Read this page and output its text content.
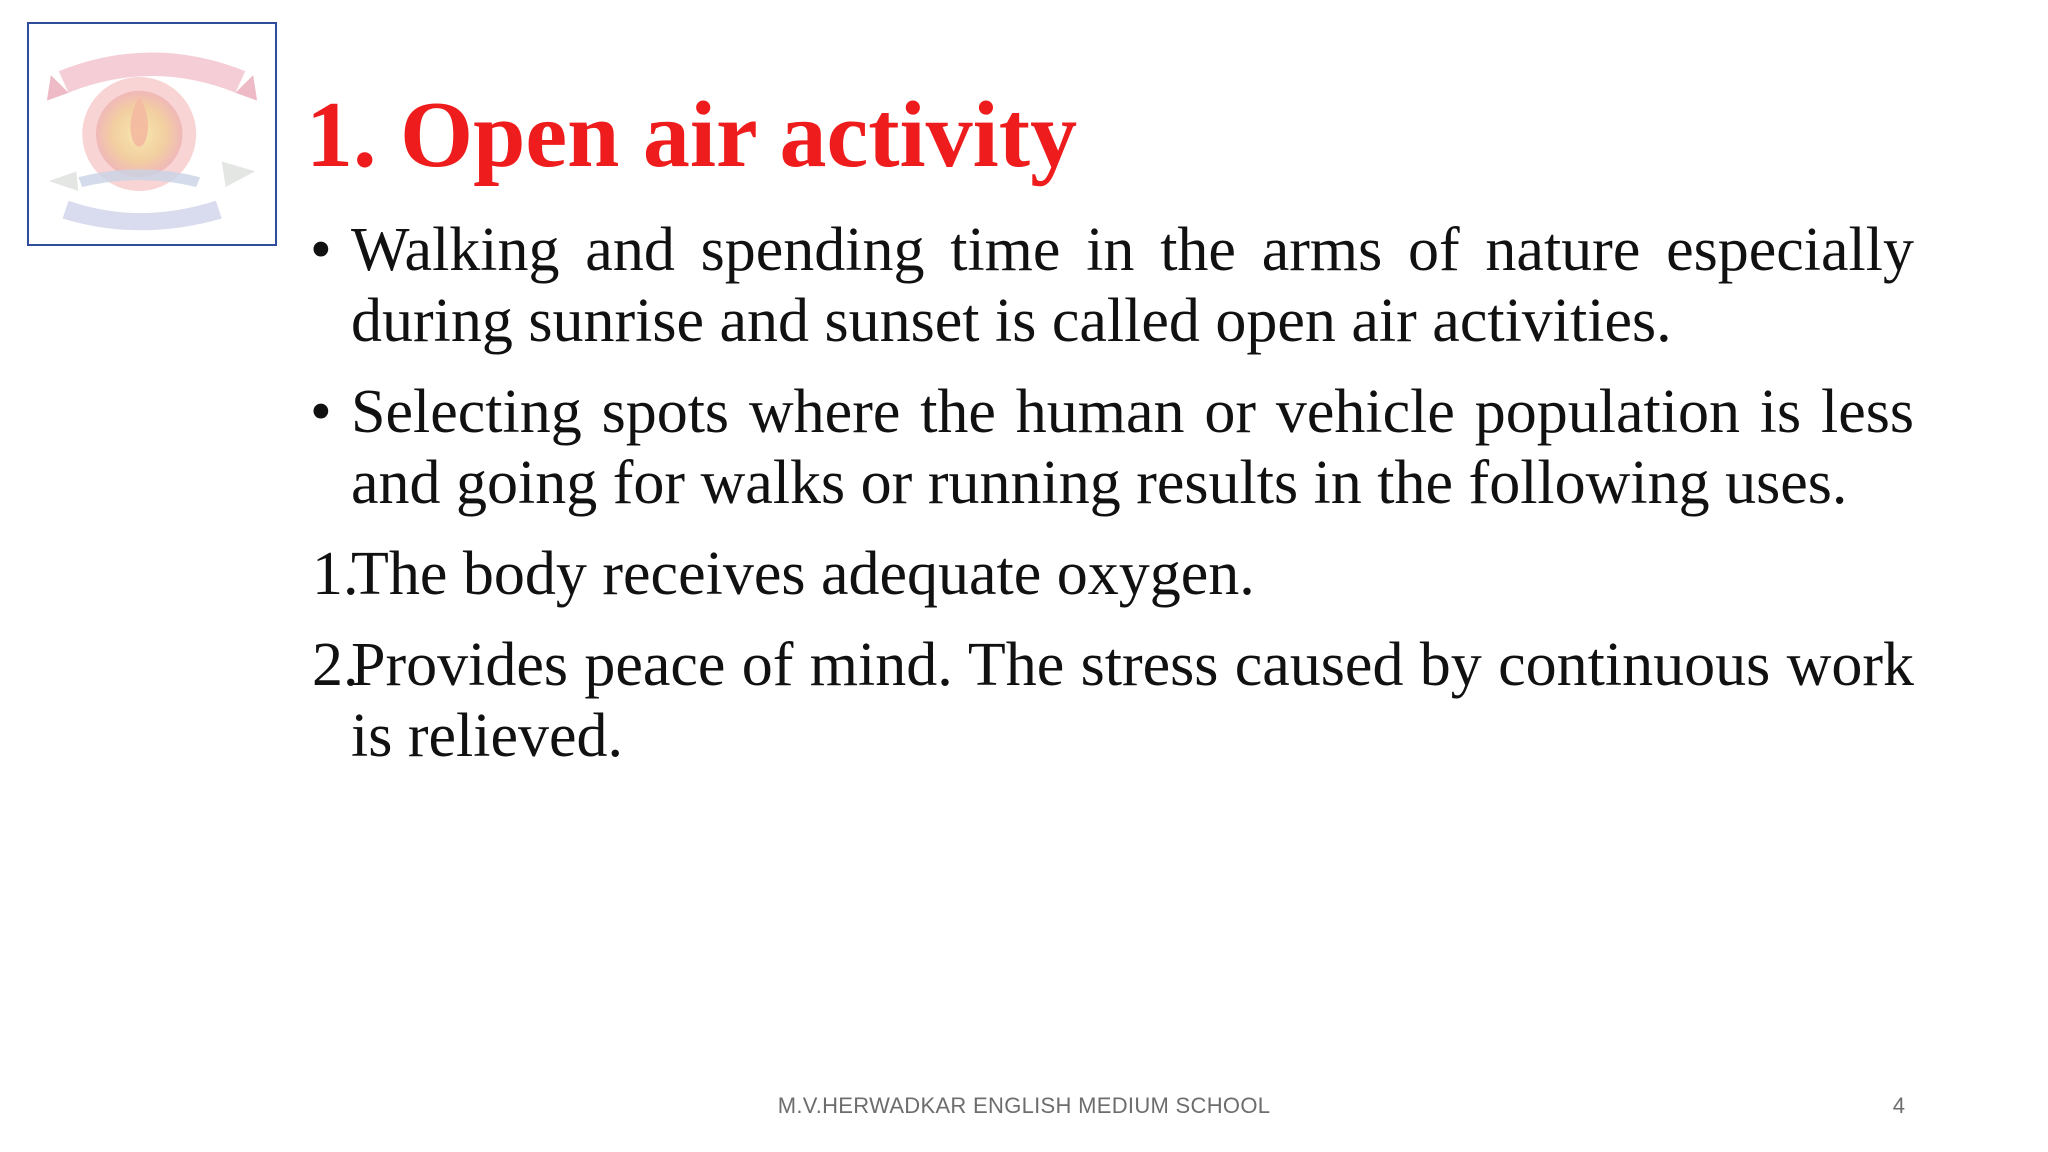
1. Open air activity
• Walking and spending time in the arms of nature especially during sunrise and sunset is called open air activities.
• Selecting spots where the human or vehicle population is less and going for walks or running results in the following uses.
1.
The body receives adequate oxygen.
2.
Provides peace of mind. The stress caused by continuous work is relieved.
M.V.HERWADKAR ENGLISH MEDIUM SCHOOL	4
